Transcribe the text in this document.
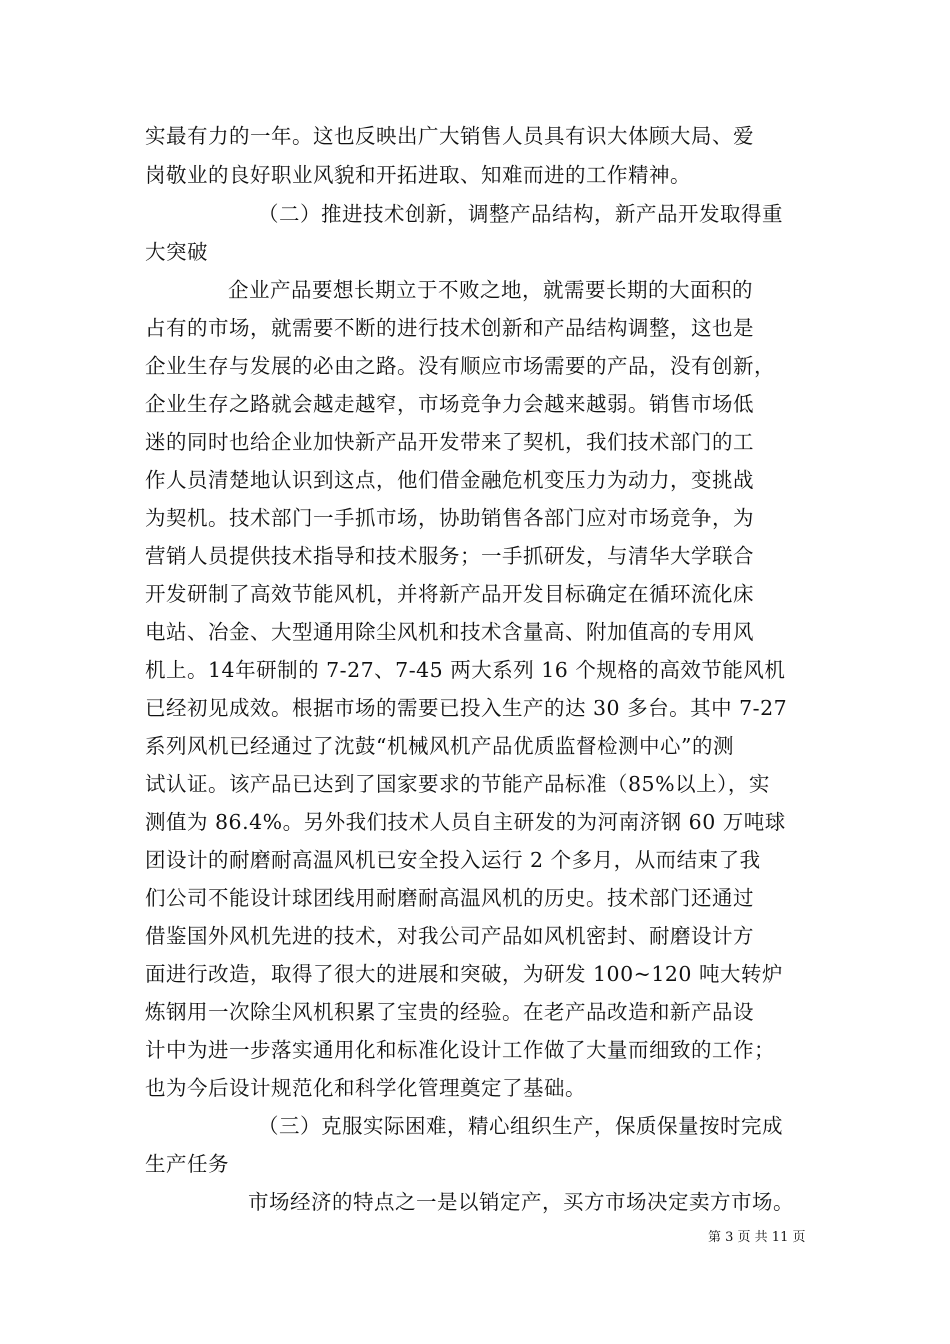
实最有力的一年。这也反映出广大销售人员具有识大体顾大局、爱
岗敬业的良好职业风貌和开拓进取、知难而进的工作精神。
（二）推进技术创新，调整产品结构，新产品开发取得重
大突破
企业产品要想长期立于不败之地，就需要长期的大面积的
占有的市场，就需要不断的进行技术创新和产品结构调整，这也是
企业生存与发展的必由之路。没有顺应市场需要的产品，没有创新，
企业生存之路就会越走越窄，市场竞争力会越来越弱。销售市场低
迷的同时也给企业加快新产品开发带来了契机，我们技术部门的工
作人员清楚地认识到这点，他们借金融危机变压力为动力，变挑战
为契机。技术部门一手抓市场，协助销售各部门应对市场竞争，为
营销人员提供技术指导和技术服务；一手抓研发，与清华大学联合
开发研制了高效节能风机，并将新产品开发目标确定在循环流化床
电站、冶金、大型通用除尘风机和技术含量高、附加值高的专用风
机上。14年研制的 7-27、7-45 两大系列 16 个规格的高效节能风机
已经初见成效。根据市场的需要已投入生产的达 30 多台。其中 7-27
系列风机已经通过了沈鼓“机械风机产品优质监督检测中心”的测
试认证。该产品已达到了国家要求的节能产品标准（85%以上），实
测值为 86.4%。另外我们技术人员自主研发的为河南济钢 60 万吨球
团设计的耐磨耐高温风机已安全投入运行 2 个多月，从而结束了我
们公司不能设计球团线用耐磨耐高温风机的历史。技术部门还通过
借鉴国外风机先进的技术，对我公司产品如风机密封、耐磨设计方
面进行改造，取得了很大的进展和突破，为研发 100~120 吨大转炉
炼钢用一次除尘风机积累了宝贵的经验。在老产品改造和新产品设
计中为进一步落实通用化和标准化设计工作做了大量而细致的工作；
也为今后设计规范化和科学化管理奠定了基础。
（三）克服实际困难，精心组织生产，保质保量按时完成
生产任务
市场经济的特点之一是以销定产，买方市场决定卖方市场。
第 3 页 共 11 页
